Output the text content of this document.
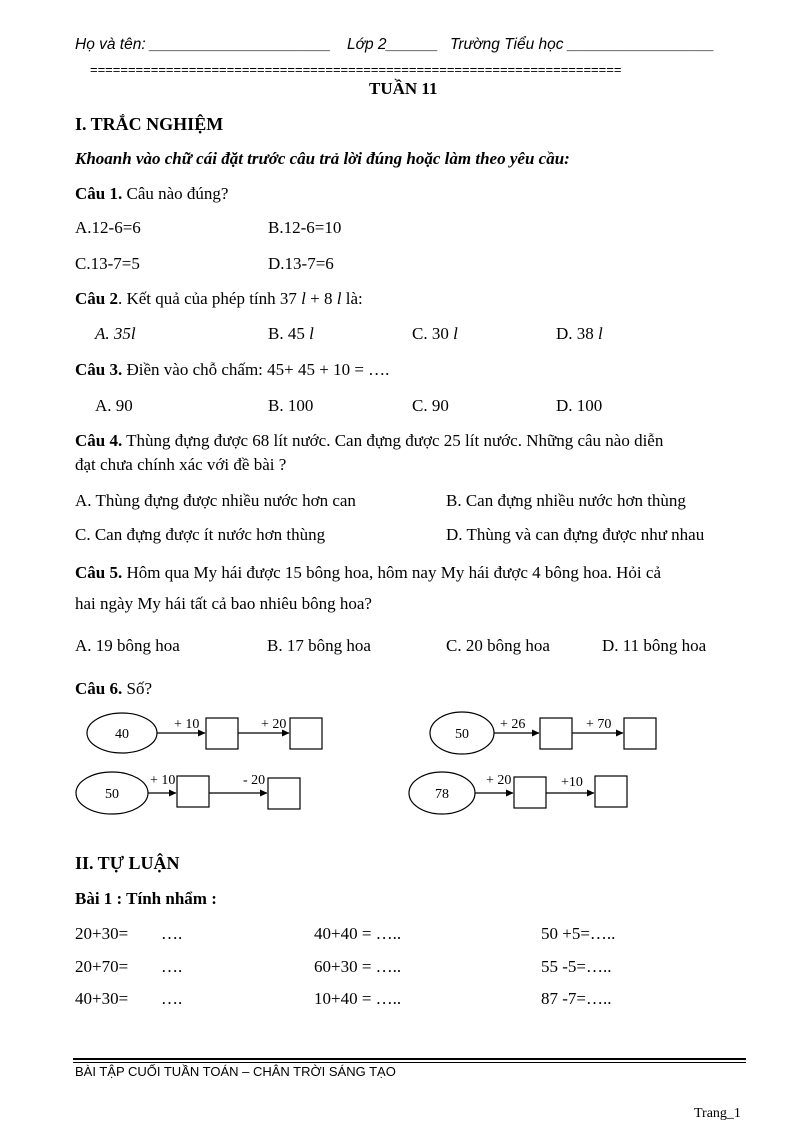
Họ và tên: _____________________ Lớp 2______ Trường Tiểu học _________________
======================================================================
TUẦN 11
I. TRẮC NGHIỆM
Khoanh vào chữ cái đặt trước câu trả lời đúng hoặc làm theo yêu cầu:
Câu 1. Câu nào đúng?
A.12-6=6	B.12-6=10
C.13-7=5	D.13-7=6
Câu 2. Kết quả của phép tính 37 l + 8 l là:
A. 35l	B. 45 l	C. 30 l	D. 38 l
Câu 3. Điền vào chỗ chấm: 45+ 45 + 10 = ….
A. 90	B. 100	C. 90	D. 100
Câu 4. Thùng đựng được 68 lít nước. Can đựng được 25 lít nước. Những câu nào diễn
đạt chưa chính xác với đề bài ?
A. Thùng đựng được nhiều nước hơn can	B. Can đựng nhiều nước hơn thùng
C. Can đựng được ít nước hơn thùng	D. Thùng và can đựng được như nhau
Câu 5. Hôm qua My hái được 15 bông hoa, hôm nay My hái được 4 bông hoa. Hỏi cả
hai ngày My hái tất cả bao nhiêu bông hoa?
A. 19 bông hoa	B. 17 bông hoa	C. 20 bông hoa	D. 11 bông hoa
Câu 6. Số?
40
+ 10	+ 20
50
+ 26	+ 70
50
+ 10	- 20
78
+ 20	+10
II. TỰ LUẬN
Bài 1 : Tính nhẩm :
20+30= ….	40+40 = …..	50 +5=…..
20+70= ….	60+30 = …..	55 -5=…..
40+30= ….	10+40 = …..	87 -7=…..
BÀI TẬP CUỐI TUẦN TOÁN – CHÂN TRỜI SÁNG TẠO
Trang_1
